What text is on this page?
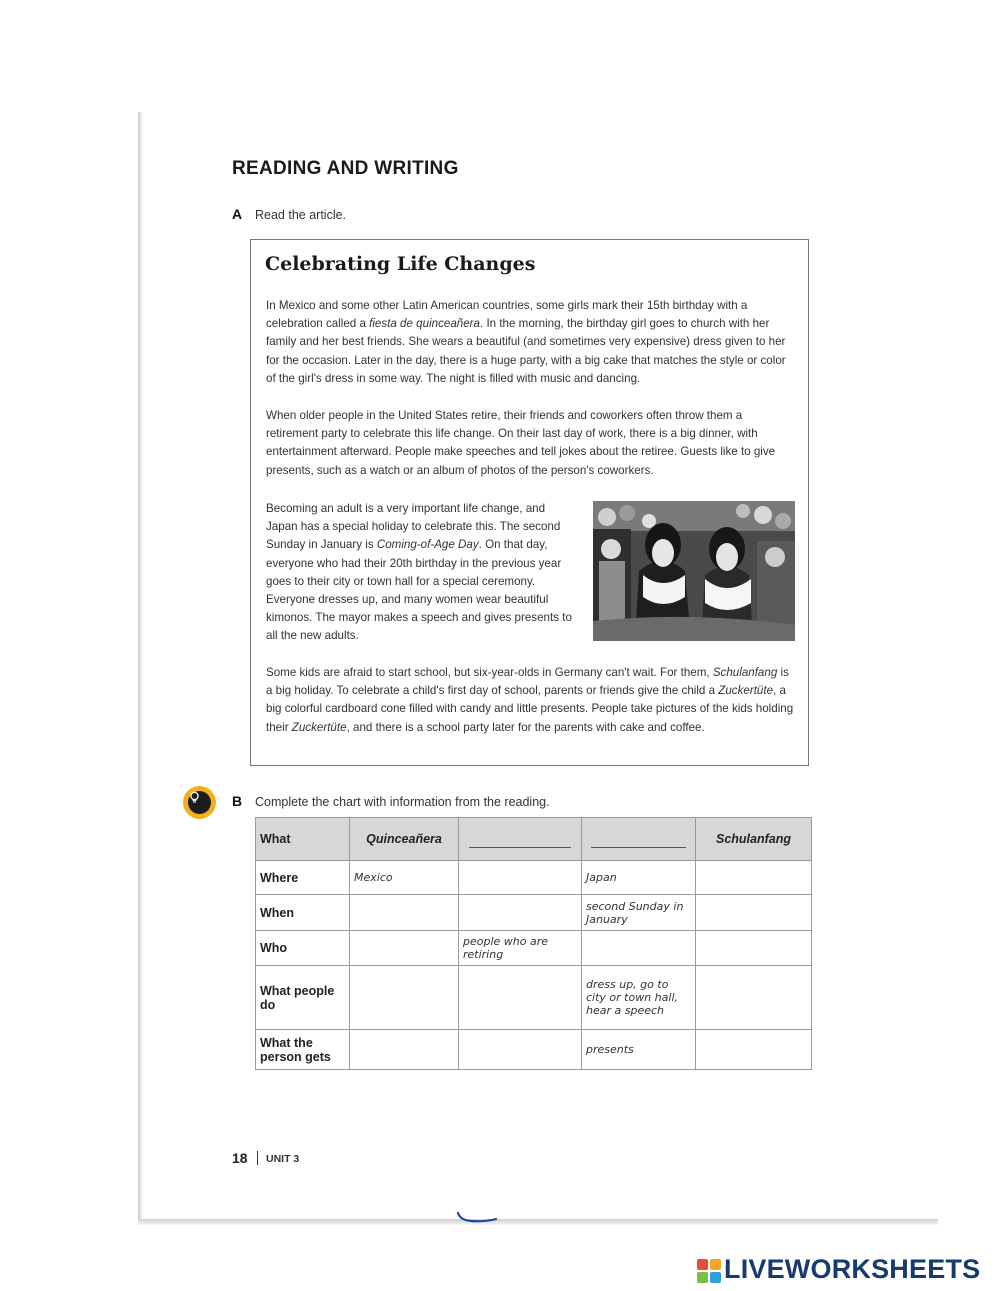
READING AND WRITING
A Read the article.
Celebrating Life Changes

In Mexico and some other Latin American countries, some girls mark their 15th birthday with a celebration called a fiesta de quinceañera. In the morning, the birthday girl goes to church with her family and her best friends. She wears a beautiful (and sometimes very expensive) dress given to her for the occasion. Later in the day, there is a huge party, with a big cake that matches the style or color of the girl's dress in some way. The night is filled with music and dancing.

When older people in the United States retire, their friends and coworkers often throw them a retirement party to celebrate this life change. On their last day of work, there is a big dinner, with entertainment afterward. People make speeches and tell jokes about the retiree. Guests like to give presents, such as a watch or an album of photos of the person's coworkers.

Becoming an adult is a very important life change, and Japan has a special holiday to celebrate this. The second Sunday in January is Coming-of-Age Day. On that day, everyone who had their 20th birthday in the previous year goes to their city or town hall for a special ceremony. Everyone dresses up, and many women wear beautiful kimonos. The mayor makes a speech and gives presents to all the new adults.

Some kids are afraid to start school, but six-year-olds in Germany can't wait. For them, Schulanfang is a big holiday. To celebrate a child's first day of school, parents or friends give the child a Zuckertüte, a big colorful cardboard cone filled with candy and little presents. People take pictures of the kids holding their Zuckertüte, and there is a school party later for the parents with cake and coffee.

B Complete the chart with information from the reading.
What	Quinceañera			Schulanfang
Where	Mexico		Japan	
When			second Sunday in January	
Who		people who are retiring		
What people do			dress up, go to city or town hall, hear a speech	
What the person gets			presents	
18 UNIT 3
LIVEWORKSHEETS
